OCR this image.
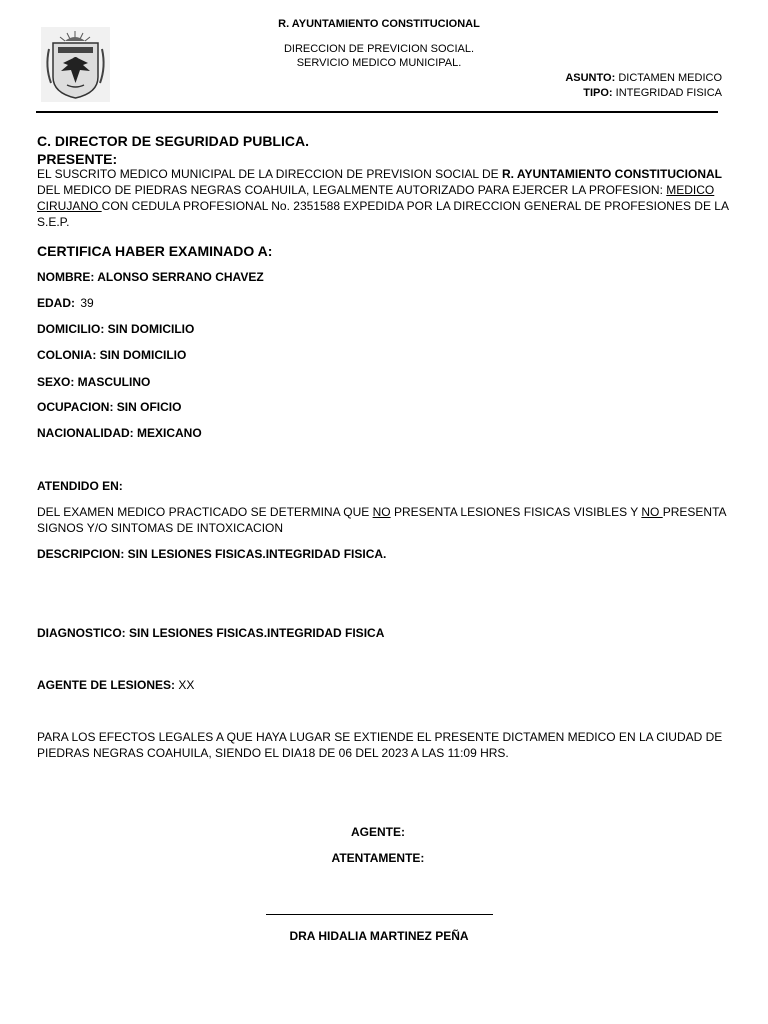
R. AYUNTAMIENTO CONSTITUCIONAL
DIRECCION DE PREVICION SOCIAL.
SERVICIO MEDICO MUNICIPAL.
ASUNTO: DICTAMEN MEDICO
TIPO: INTEGRIDAD FISICA
C. DIRECTOR DE SEGURIDAD PUBLICA.
PRESENTE:
EL SUSCRITO MEDICO MUNICIPAL DE LA DIRECCION DE PREVISION SOCIAL DE R. AYUNTAMIENTO CONSTITUCIONAL DEL MEDICO DE PIEDRAS NEGRAS COAHUILA, LEGALMENTE AUTORIZADO PARA EJERCER LA PROFESION: MEDICO CIRUJANO CON CEDULA PROFESIONAL No. 2351588 EXPEDIDA POR LA DIRECCION GENERAL DE PROFESIONES DE LA S.E.P.
CERTIFICA HABER EXAMINADO A:
NOMBRE: ALONSO SERRANO CHAVEZ
EDAD: 39
DOMICILIO: SIN DOMICILIO
COLONIA: SIN DOMICILIO
SEXO: MASCULINO
OCUPACION: SIN OFICIO
NACIONALIDAD: MEXICANO
ATENDIDO EN:
DEL EXAMEN MEDICO PRACTICADO SE DETERMINA QUE NO PRESENTA LESIONES FISICAS VISIBLES Y NO PRESENTA SIGNOS Y/O SINTOMAS DE INTOXICACION
DESCRIPCION: SIN LESIONES FISICAS.INTEGRIDAD FISICA.
DIAGNOSTICO: SIN LESIONES FISICAS.INTEGRIDAD FISICA
AGENTE DE LESIONES: XX
PARA LOS EFECTOS LEGALES A QUE HAYA LUGAR SE EXTIENDE EL PRESENTE DICTAMEN MEDICO EN LA CIUDAD DE PIEDRAS NEGRAS COAHUILA, SIENDO EL DIA18 DE 06 DEL 2023 A LAS 11:09 HRS.
AGENTE:
ATENTAMENTE:
DRA HIDALIA MARTINEZ PEÑA
